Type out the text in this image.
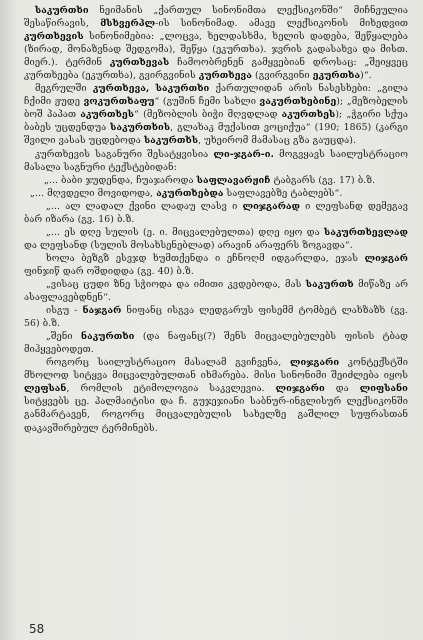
საკურთხი ნეიმანის „ქართულ სინონიმთა ლექსიკონში“ მიჩნეულია შესაწირავის, მსხვერპლ-ის სინონიმად. ამავე ლექსიკონის მიხედვით კურთხევის სინონიმებია: „ლოცვა, ხელდასხმა, ხელის დადება, შეწყალება (ზირად, მონაზვნად შედგომა), შეწყა (ეკურთხა). ჯვრის გადასახვა და მისთ. მიერ.). ტერმინ კურთხევას ჩამოობრენენ გამყვებიან დროსაც: „შეიყვეც კურთხეება (ეკურთხა), გვირგვინის კურთხევა (გვირგვინი ეკურთხა)“.

მეგრულში კურთხევა, საკურთხი ქართულიდან არის ნასესხები: „გილა ჩქიმი ჟუდე ვოკურთხაფუ“ (გუშინ ჩემი სახლი ვაკურთხებინე); „მეზობელის ბოშ პაპათ აკურთხეს“ (მეზობლის ბიჭი მღვდლად აკურთხეს); „ჭგირი სქუა ბაბეს უცდენდუა საკურთხის, გლახაკ მუქასით ვოციქუა“ (190; 1865) (კარგი შვილი ვასას უცდებოდა საკურთხს, უხეირომ მამასაც გზა გაუცდა).

კურთხევის საგანური შესატყვისია ლი-ჯგარ-ი. მოგვყავს საილუსტრაციო მასალა საგნური ტექსტებიდან:

„... ბაბი ჯუდენდა, ჩუაჯაროდა საფლავარჟიჩ ტაბგარს (გვ. 17) ბ.ზ.

„... მღვდელი მოვიდოდა, აკურთხებდა საფლავებზე ტაბლებს“.

„... ალ ლადალ ქვინი ლადაუ ლასვ ი ლიჯგარად ი ლეფსანდ დემეგავ ბარ იზარა (გვ. 16) ბ.ზ.

„... ეს დღე სულის (ე. ი. მიცვალებულთა) დღე იყო და საკურთხევლად და ლეფსანდ (სულის მოსახსენებლად) არავინ არაფერს ზოგავდა“.

ხოლა ბეზგზ ესვჯდ ხუმთქენდა ი ეჩნოღმ იდგარლდა, ეჯას ლიჯგარ ფინჯიწ დარ ოშდიდდა (გვ. 40) ბ.ზ.

„ვისაც ცუდი ზნე სჭიოდა და იმითი კვდებოდა, მას საკურთხ მიწაზე არ ასაფლავებდნენ“.

ისგუ - ნაჯგარ ნიფანც ისგვა ლედგარუს ფისემმ ტომბეტ ლახზაზხ (გვ. 56) ბ.ზ.

„შენი ნაკურთხი (და ნაფანც(?) შენს მიცვალებულებს ფისის ტბად მიჰყვებოდეთ.

როგორც საილუსტრაციო მასალამ გვიჩვენა, ლიჯგარი კონტექსტში მხოლოდ სიტყვა მიცვალებულთან იხმარება. მისი სინონიმი შეიძლება იყოს ლეფსან, რომლის ეტიმოლოგია საკვლევია. ლიჯგარი და ლიფსანი სიტყვებს ცე. პალმაიტისი და ჩ. გუჯეჯიანი საბნურ-ინგლისურ ლექსიკონში განმარტავენ, როგორც მიცვალებულის სახელზე გაშლილ სუფრასთან დაკავშირებულ ტერმინებს.

58
